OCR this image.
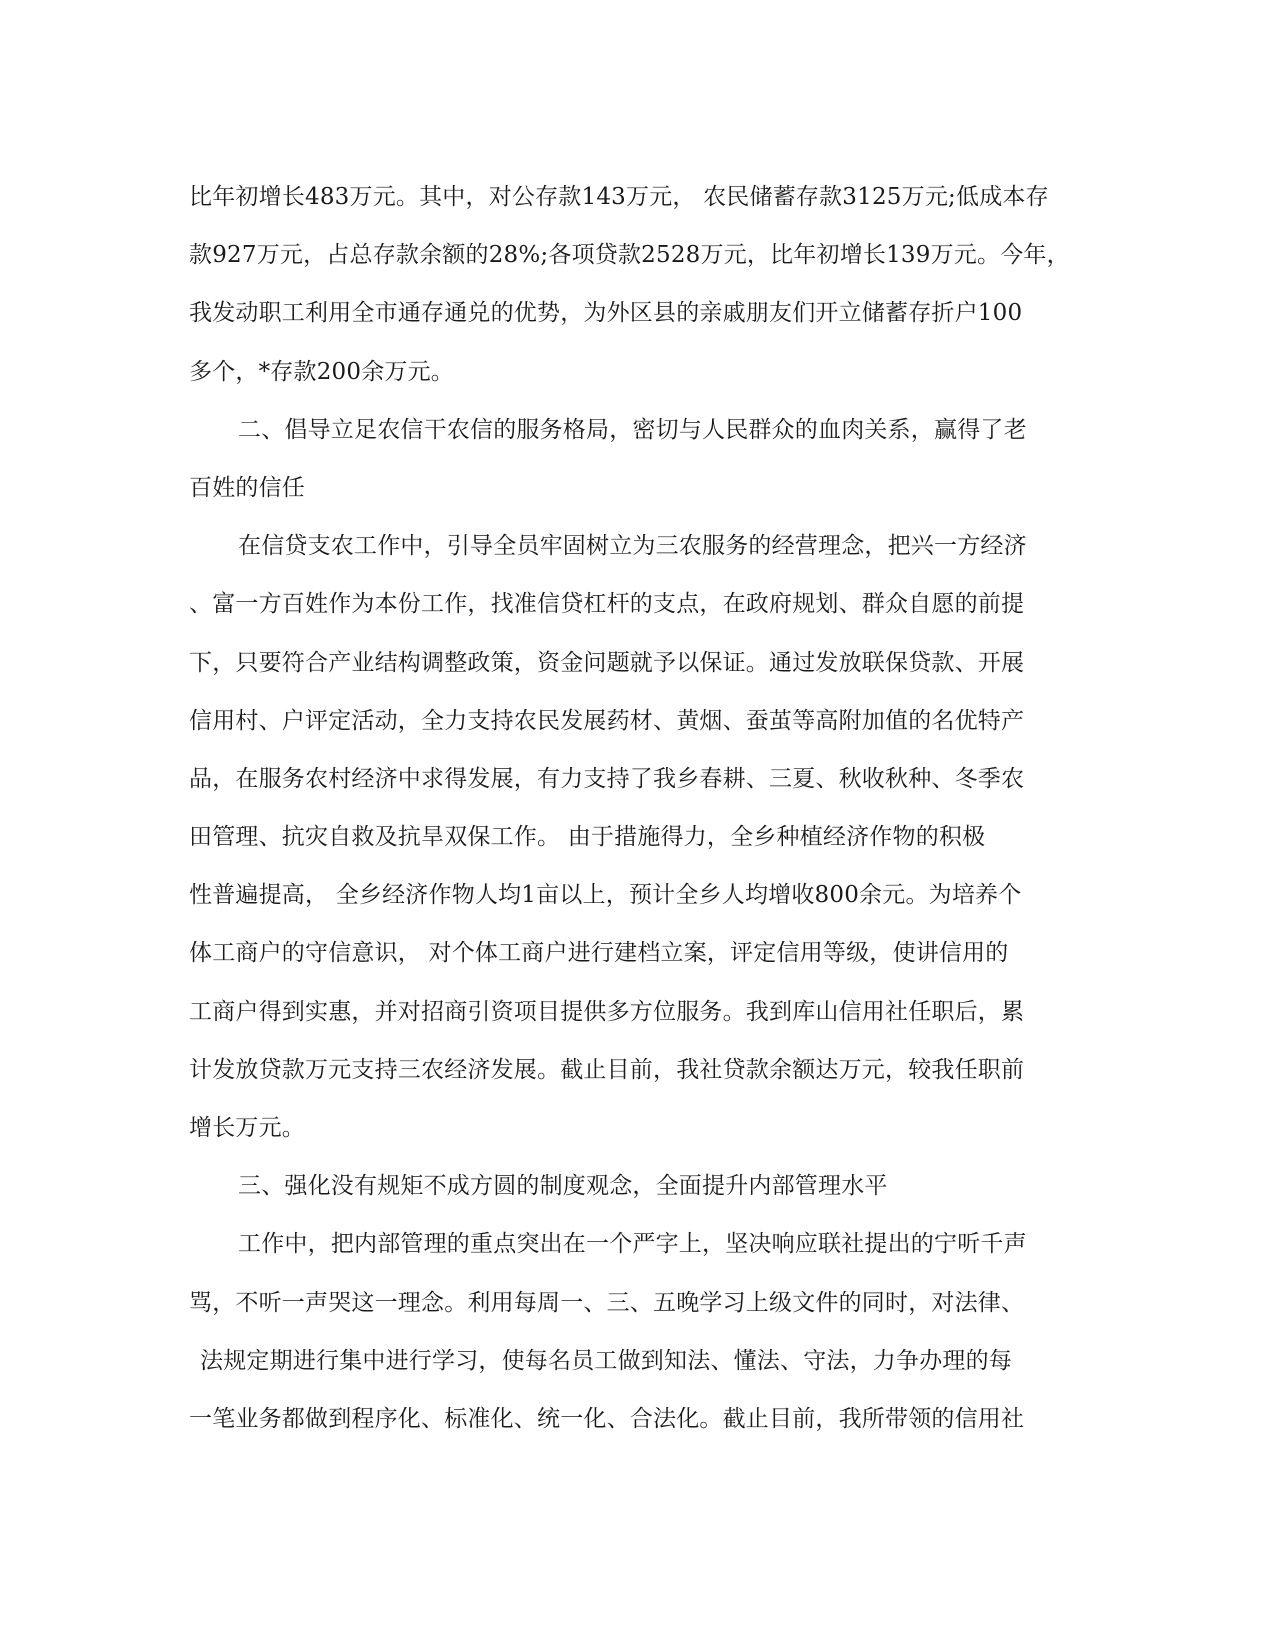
比年初增长483万元。其中，对公存款143万元， 农民储蓄存款3125万元;低成本存
款927万元，占总存款余额的28%;各项贷款2528万元，比年初增长139万元。今年，
我发动职工利用全市通存通兑的优势，为外区县的亲戚朋友们开立储蓄存折户100
多个，*存款200余万元。
二、倡导立足农信干农信的服务格局，密切与人民群众的血肉关系，赢得了老
百姓的信任
在信贷支农工作中，引导全员牢固树立为三农服务的经营理念，把兴一方经济
、富一方百姓作为本份工作，找准信贷杠杆的支点，在政府规划、群众自愿的前提
下，只要符合产业结构调整政策，资金问题就予以保证。通过发放联保贷款、开展
信用村、户评定活动，全力支持农民发展药材、黄烟、蚕茧等高附加值的名优特产
品，在服务农村经济中求得发展，有力支持了我乡春耕、三夏、秋收秋种、冬季农
田管理、抗灾自救及抗旱双保工作。 由于措施得力，全乡种植经济作物的积极
性普遍提高， 全乡经济作物人均1亩以上，预计全乡人均增收800余元。为培养个
体工商户的守信意识， 对个体工商户进行建档立案，评定信用等级，使讲信用的
工商户得到实惠，并对招商引资项目提供多方位服务。我到库山信用社任职后，累
计发放贷款万元支持三农经济发展。截止目前，我社贷款余额达万元，较我任职前
增长万元。
三、强化没有规矩不成方圆的制度观念，全面提升内部管理水平
工作中，把内部管理的重点突出在一个严字上，坚决响应联社提出的宁听千声
骂，不听一声哭这一理念。利用每周一、三、五晚学习上级文件的同时，对法律、
法规定期进行集中进行学习，使每名员工做到知法、懂法、守法，力争办理的每
一笔业务都做到程序化、标准化、统一化、合法化。截止目前，我所带领的信用社
